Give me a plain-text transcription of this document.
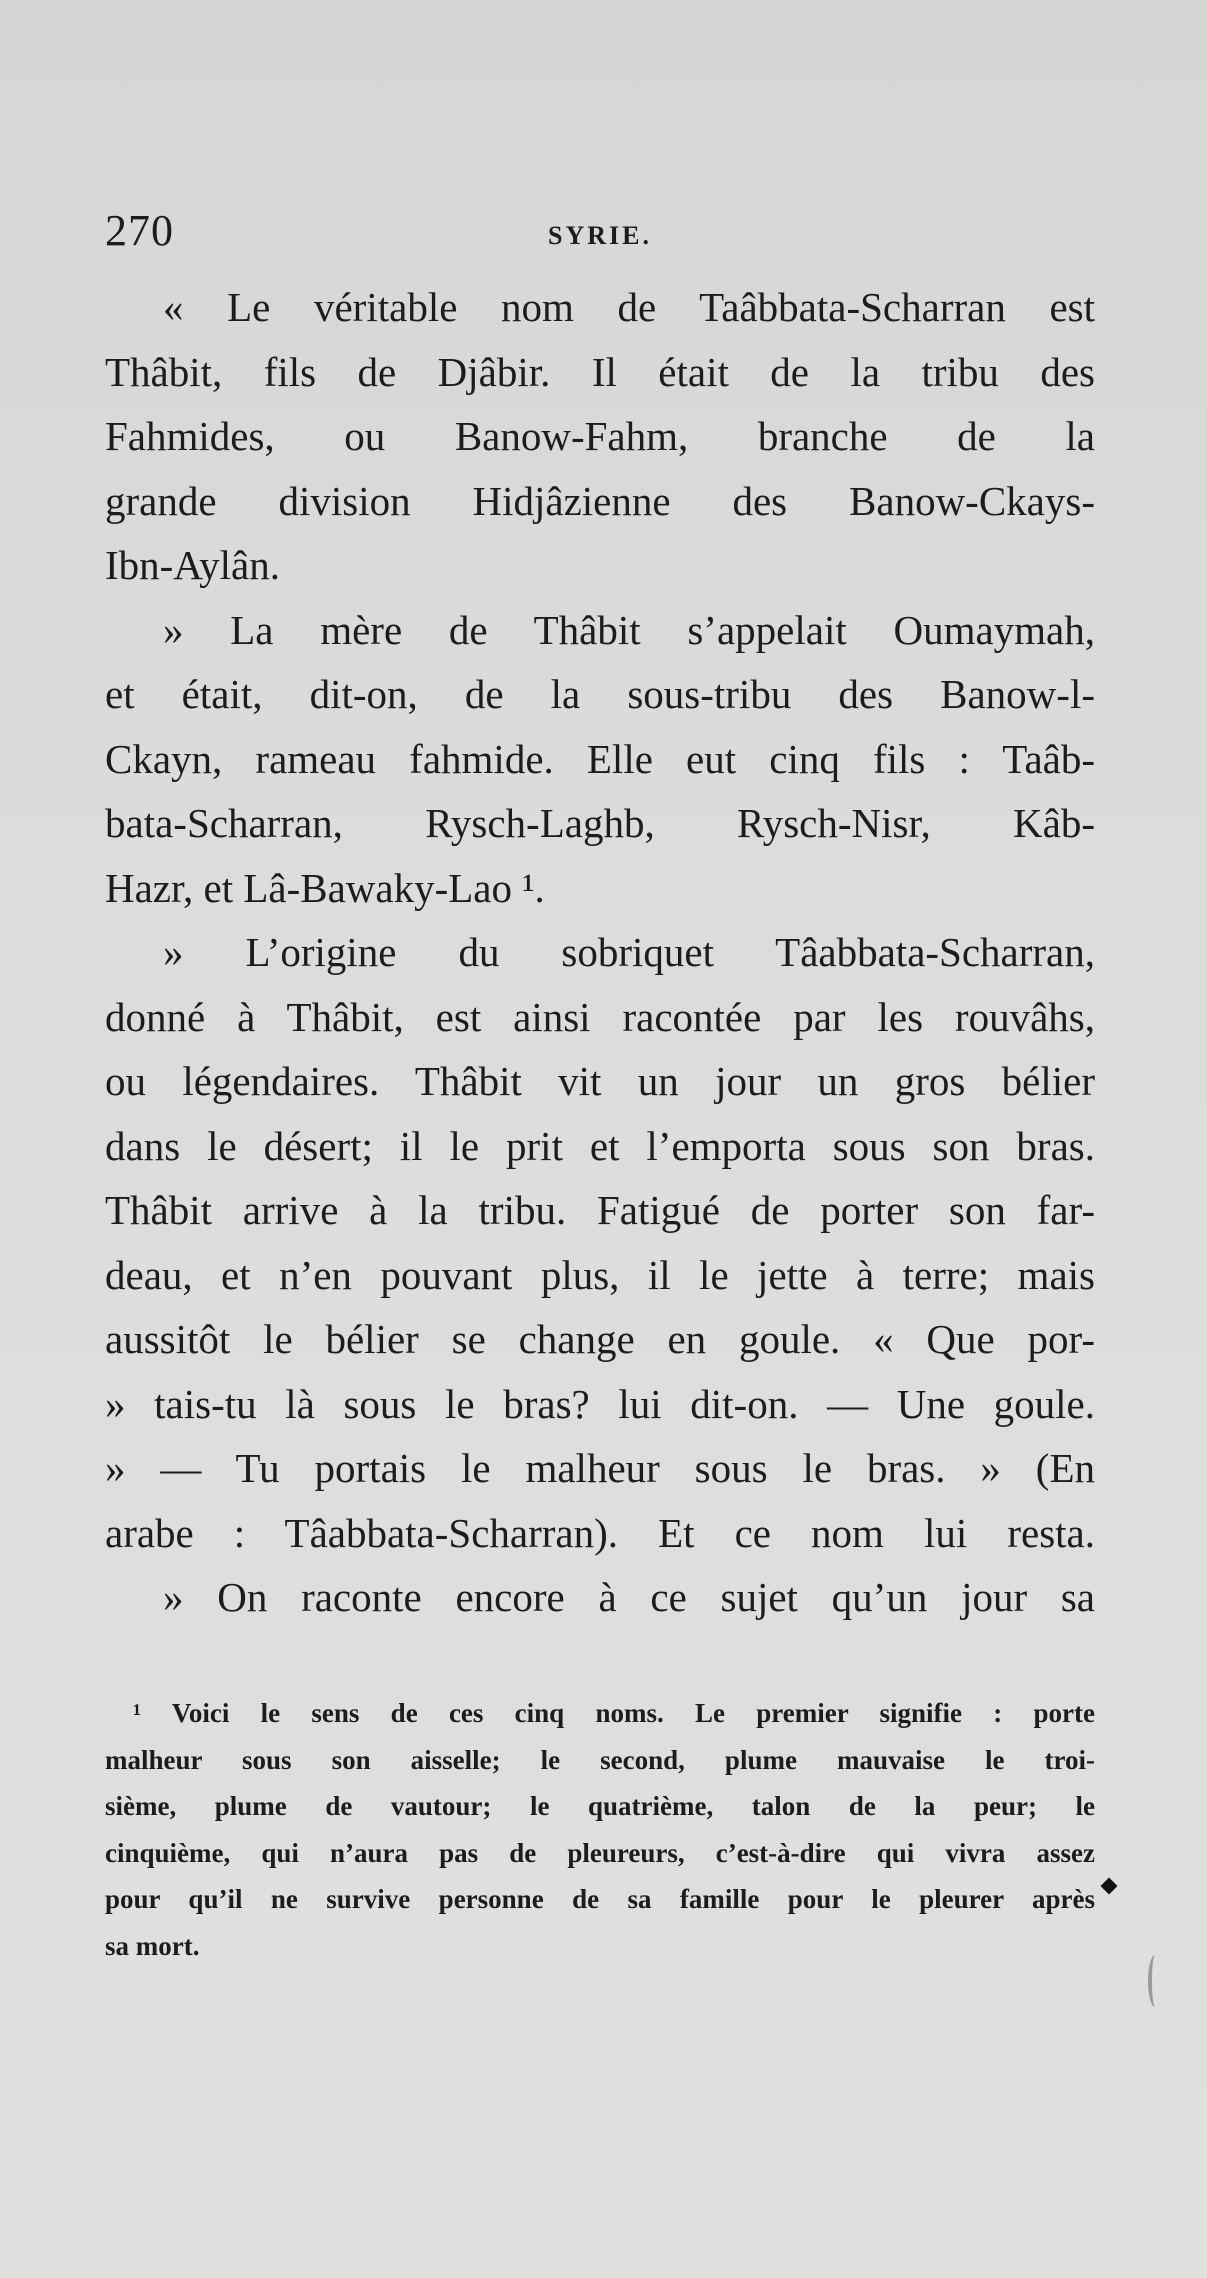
270	SYRIE.
« Le véritable nom de Taâbbata-Scharran est
Thâbit, fils de Djâbir. Il était de la tribu des
Fahmides, ou Banow-Fahm, branche de la
grande division Hidjâzienne des Banow-Ckays-
Ibn-Aylân.
» La mère de Thâbit s’appelait Oumaymah,
et était, dit-on, de la sous-tribu des Banow-l-
Ckayn, rameau fahmide. Elle eut cinq fils : Taâb-
bata-Scharran, Rysch-Laghb, Rysch-Nisr, Kâb-
Hazr, et Lâ-Bawaky-Lao ¹.
» L’origine du sobriquet Tâabbata-Scharran,
donné à Thâbit, est ainsi racontée par les rouvâhs,
ou légendaires. Thâbit vit un jour un gros bélier
dans le désert; il le prit et l’emporta sous son bras.
Thâbit arrive à la tribu. Fatigué de porter son far-
deau, et n’en pouvant plus, il le jette à terre; mais
aussitôt le bélier se change en goule. « Que por-
» tais-tu là sous le bras? lui dit-on. — Une goule.
» — Tu portais le malheur sous le bras. » (En
arabe : Tâabbata-Scharran). Et ce nom lui resta.
» On raconte encore à ce sujet qu’un jour sa
¹ Voici le sens de ces cinq noms. Le premier signifie : porte
malheur sous son aisselle; le second, plume mauvaise le troi-
sième, plume de vautour; le quatrième, talon de la peur; le
cinquième, qui n’aura pas de pleureurs, c’est-à-dire qui vivra assez
pour qu’il ne survive personne de sa famille pour le pleurer après
sa mort.
